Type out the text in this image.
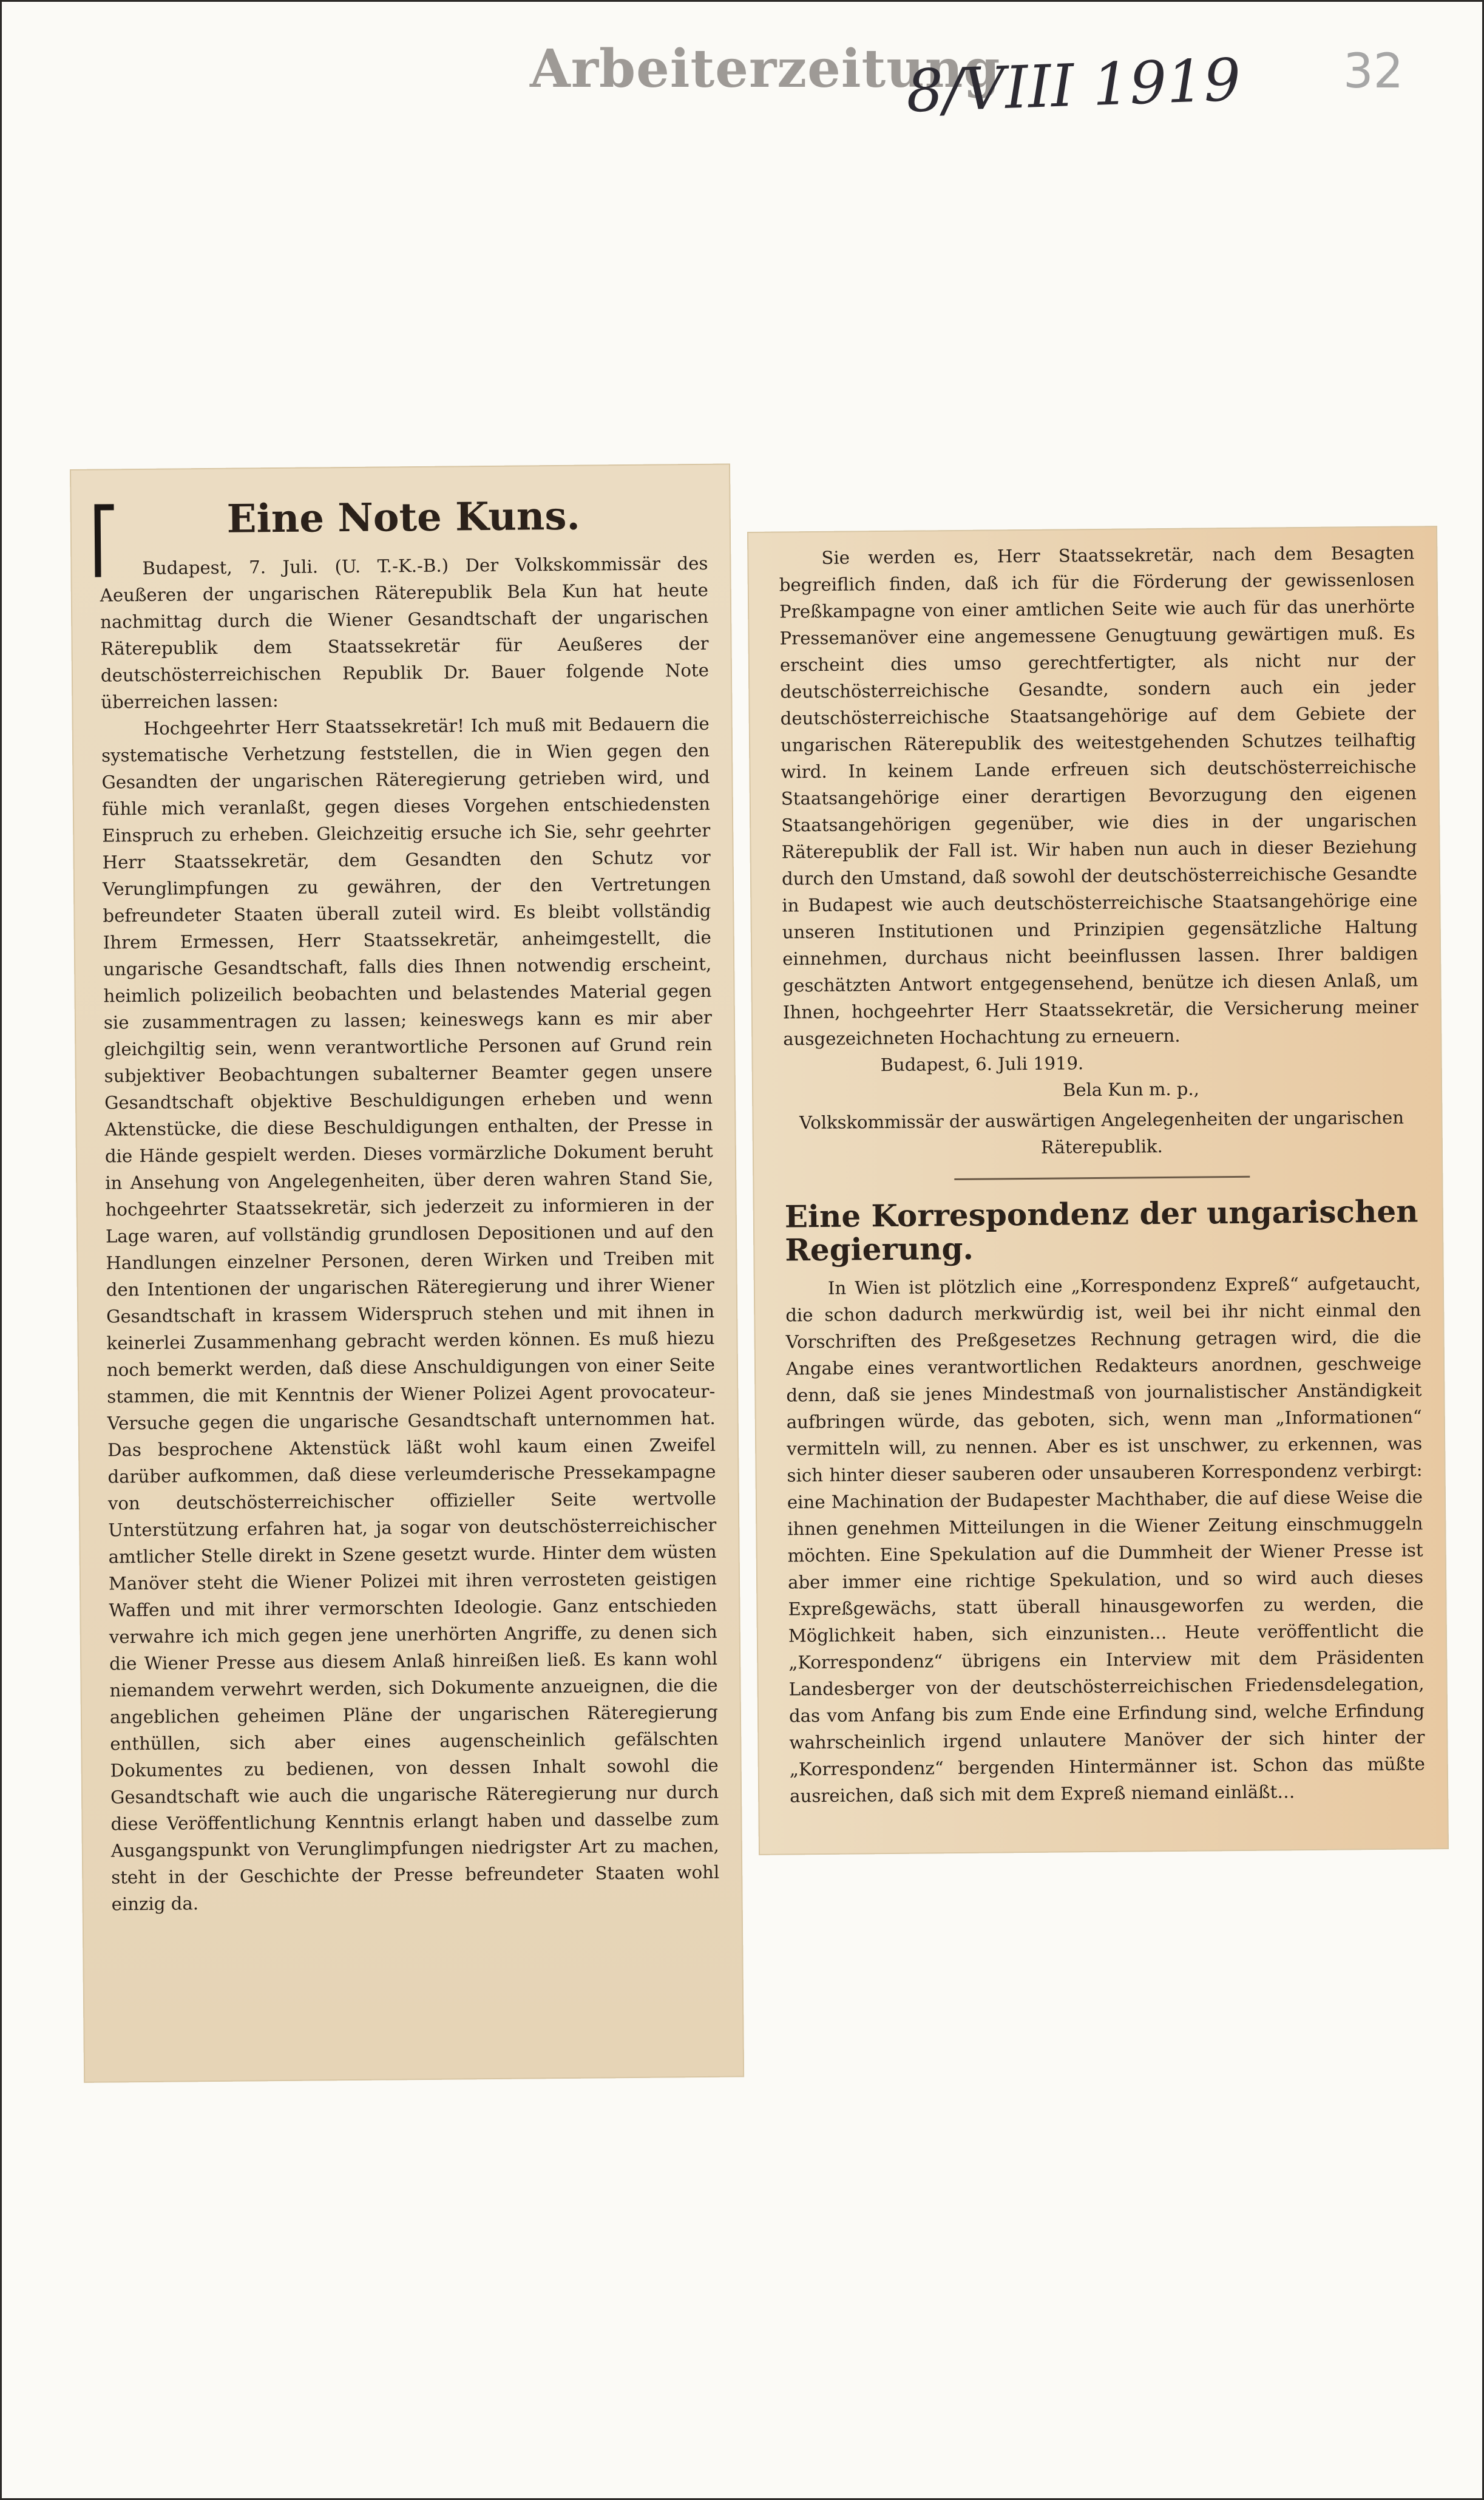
Arbeiterzeitung
8/VIII 1919 32
Eine Note Kuns.

Budapest, 7. Juli. (U. T.-K.-B.) Der Volkskommissär des Aeußeren der ungarischen Räterepublik Bela Kun hat heute nachmittag durch die Wiener Gesandtschaft der ungarischen Räterepublik dem Staatssekretär für Aeußeres der deutschösterreichischen Republik Dr. Bauer folgende Note überreichen lassen:

Hochgeehrter Herr Staatssekretär! Ich muß mit Bedauern die systematische Verhetzung feststellen, die in Wien gegen den Gesandten der ungarischen Räteregierung getrieben wird, und fühle mich veranlaßt, gegen dieses Vorgehen entschiedensten Einspruch zu erheben. Gleichzeitig ersuche ich Sie, sehr geehrter Herr Staatssekretär, dem Gesandten den Schutz vor Verunglimpfungen zu gewähren, der den Vertretungen befreundeter Staaten überall zuteil wird. Es bleibt vollständig Ihrem Ermessen, Herr Staatssekretär, anheimgestellt, die ungarische Gesandtschaft, falls dies Ihnen notwendig erscheint, heimlich polizeilich beobachten und belastendes Material gegen sie zusammentragen zu lassen; keineswegs kann es mir aber gleichgiltig sein, wenn verantwortliche Personen auf Grund rein subjektiver Beobachtungen subalterner Beamter gegen unsere Gesandtschaft objektive Beschuldigungen erheben und wenn Aktenstücke, die diese Beschuldigungen enthalten, der Presse in die Hände gespielt werden. Dieses vormärzliche Dokument beruht in Ansehung von Angelegenheiten, über deren wahren Stand Sie, hochgeehrter Staatssekretär, sich jederzeit zu informieren in der Lage waren, auf vollständig grundlosen Depositionen und auf den Handlungen einzelner Personen, deren Wirken und Treiben mit den Intentionen der ungarischen Räteregierung und ihrer Wiener Gesandtschaft in krassem Widerspruch stehen und mit ihnen in keinerlei Zusammenhang gebracht werden können. Es muß hiezu noch bemerkt werden, daß diese Anschuldigungen von einer Seite stammen, die mit Kenntnis der Wiener Polizei Agent provocateur-Versuche gegen die ungarische Gesandtschaft unternommen hat. Das besprochene Aktenstück läßt wohl kaum einen Zweifel darüber aufkommen, daß diese verleumderische Pressekampagne von deutschösterreichischer offizieller Seite wertvolle Unterstützung erfahren hat, ja sogar von deutschösterreichischer amtlicher Stelle direkt in Szene gesetzt wurde. Hinter dem wüsten Manöver steht die Wiener Polizei mit ihren verrosteten geistigen Waffen und mit ihrer vermorschten Ideologie. Ganz entschieden verwahre ich mich gegen jene unerhörten Angriffe, zu denen sich die Wiener Presse aus diesem Anlaß hinreißen ließ. Es kann wohl niemandem verwehrt werden, sich Dokumente anzueignen, die die angeblichen geheimen Pläne der ungarischen Räteregierung enthüllen, sich aber eines augenscheinlich gefälschten Dokumentes zu bedienen, von dessen Inhalt sowohl die Gesandtschaft wie auch die ungarische Räteregierung nur durch diese Veröffentlichung Kenntnis erlangt haben und dasselbe zum Ausgangspunkt von Verunglimpfungen niedrigster Art zu machen, steht in der Geschichte der Presse befreundeter Staaten wohl einzig da.

Sie werden es, Herr Staatssekretär, nach dem Besagten begreiflich finden, daß ich für die Förderung der gewissenlosen Preßkampagne von einer amtlichen Seite wie auch für das unerhörte Pressemanöver eine angemessene Genugtuung gewärtigen muß. Es erscheint dies umso gerechtfertigter, als nicht nur der deutschösterreichische Gesandte, sondern auch ein jeder deutschösterreichische Staatsangehörige auf dem Gebiete der ungarischen Räterepublik des weitestgehenden Schutzes teilhaftig wird. In keinem Lande erfreuen sich deutschösterreichische Staatsangehörige einer derartigen Bevorzugung den eigenen Staatsangehörigen gegenüber, wie dies in der ungarischen Räterepublik der Fall ist. Wir haben nun auch in dieser Beziehung durch den Umstand, daß sowohl der deutschösterreichische Gesandte in Budapest wie auch deutschösterreichische Staatsangehörige eine unseren Institutionen und Prinzipien gegensätzliche Haltung einnehmen, durchaus nicht beeinflussen lassen. Ihrer baldigen geschätzten Antwort entgegensehend, benütze ich diesen Anlaß, um Ihnen, hochgeehrter Herr Staatssekretär, die Versicherung meiner ausgezeichneten Hochachtung zu erneuern.

Budapest, 6. Juli 1919.
Bela Kun m. p.,
Volkskommissär der auswärtigen Angelegenheiten der ungarischen Räterepublik.
Eine Korrespondenz der ungarischen Regierung.

In Wien ist plötzlich eine „Korrespondenz Expreß“ aufgetaucht, die schon dadurch merkwürdig ist, weil bei ihr nicht einmal den Vorschriften des Preßgesetzes Rechnung getragen wird, die die Angabe eines verantwortlichen Redakteurs anordnen, geschweige denn, daß sie jenes Mindestmaß von journalistischer Anständigkeit aufbringen würde, das geboten, sich, wenn man „Informationen“ vermitteln will, zu nennen. Aber es ist unschwer, zu erkennen, was sich hinter dieser sauberen oder unsauberen Korrespondenz verbirgt: eine Machination der Budapester Machthaber, die auf diese Weise die ihnen genehmen Mitteilungen in die Wiener Zeitung einschmuggeln möchten. Eine Spekulation auf die Dummheit der Wiener Presse ist aber immer eine richtige Spekulation, und so wird auch dieses Expreßgewächs, statt überall hinausgeworfen zu werden, die Möglichkeit haben, sich einzunisten… Heute veröffentlicht die „Korrespondenz“ übrigens ein Interview mit dem Präsidenten Landesberger von der deutschösterreichischen Friedensdelegation, das vom Anfang bis zum Ende eine Erfindung sind, welche Erfindung wahrscheinlich irgend unlautere Manöver der sich hinter der „Korrespondenz“ bergenden Hintermänner ist. Schon das müßte ausreichen, daß sich mit dem Expreß niemand einläßt…
